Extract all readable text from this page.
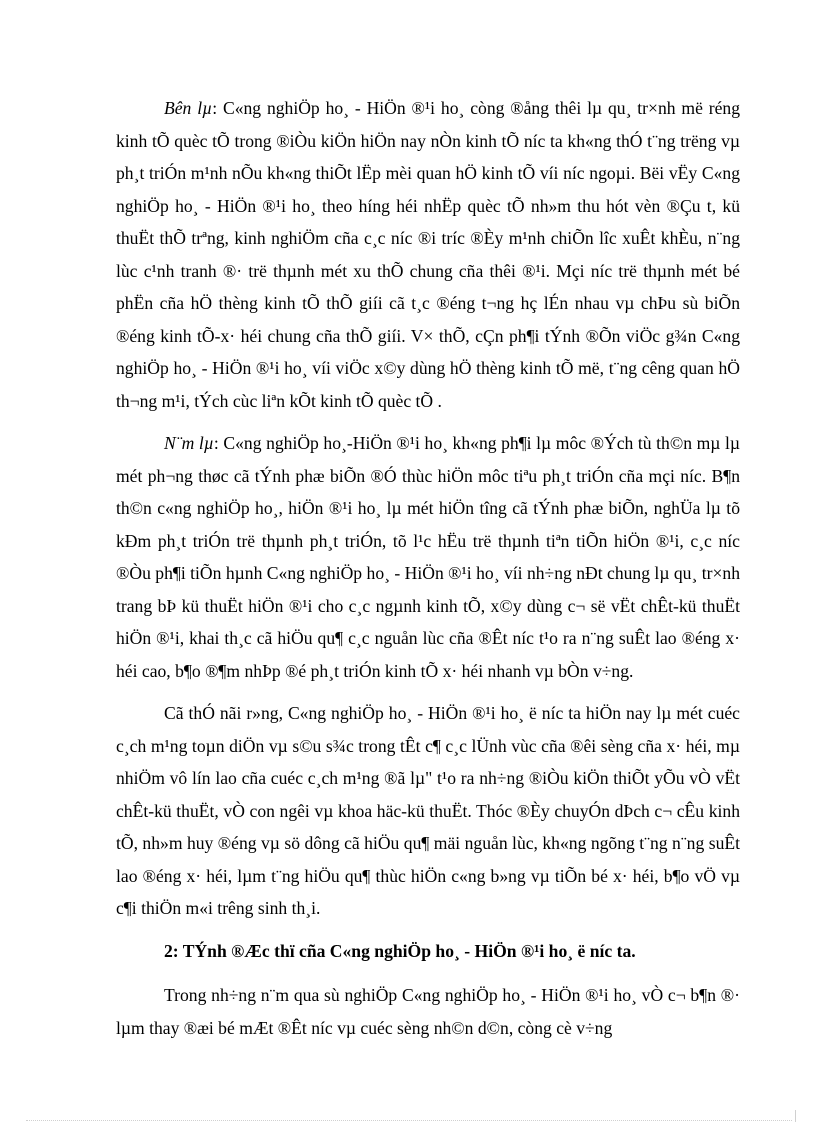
Bên lµ: C«ng nghiÖp ho¸ - HiÖn ®¹i ho¸ còng ®ång thêi lµ qu¸ tr×nh më réng kinh tÕ quèc tÕ trong ®iÒu kiÖn hiÖn nay nÒn kinh tÕ níc ta kh«ng thÓ t¨ng trëng vµ ph¸t triÓn m¹nh nÕu kh«ng thiÕt lËp mèi quan hÖ kinh tÕ víi níc ngoµi. Bëi vËy C«ng nghiÖp ho¸ - HiÖn ®¹i ho¸ theo híng héi nhËp quèc tÕ nh»m thu hót vèn ®Çu t, kü thuËt thÕ trªng, kinh nghiÖm cña c¸c níc ®i tríc ®Èy m¹nh chiÕn lîc xuÊt khÈu, n¨ng lùc c¹nh tranh ®· trë thµnh mét xu thÕ chung cña thêi ®¹i. Mçi níc trë thµnh mét bé phËn cña hÖ thèng kinh tÕ thÕ giíi cã t¸c ®éng t¬ng hç lÉn nhau vµ chÞu sù biÕn ®éng kinh tÕ-x· héi chung cña thÕ giíi. V× thÕ, cÇn ph¶i tÝnh ®Õn viÖc g¾n C«ng nghiÖp ho¸ - HiÖn ®¹i ho¸ víi viÖc x©y dùng hÖ thèng kinh tÕ më, t¨ng cêng quan hÖ th¬ng m¹i, tÝch cùc liªn kÕt kinh tÕ quèc tÕ .

N¨m lµ: C«ng nghiÖp ho¸-HiÖn ®¹i ho¸ kh«ng ph¶i lµ môc ®Ých tù th©n mµ lµ mét ph¬ng thøc cã tÝnh phæ biÕn ®Ó thùc hiÖn môc tiªu ph¸t triÓn cña mçi níc. B¶n th©n c«ng nghiÖp ho¸, hiÖn ®¹i ho¸ lµ mét hiÖn tîng cã tÝnh phæ biÕn, nghÜa lµ tõ kÐm ph¸t triÓn trë thµnh ph¸t triÓn, tõ l¹c hËu trë thµnh tiªn tiÕn hiÖn ®¹i, c¸c níc ®Òu ph¶i tiÕn hµnh C«ng nghiÖp ho¸ - HiÖn ®¹i ho¸ víi nh÷ng nÐt chung lµ qu¸ tr×nh trang bÞ kü thuËt hiÖn ®¹i cho c¸c ngµnh kinh tÕ, x©y dùng c¬ së vËt chÊt-kü thuËt hiÖn ®¹i, khai th¸c cã hiÖu qu¶ c¸c nguån lùc cña ®Êt níc t¹o ra n¨ng suÊt lao ®éng x· héi cao, b¶o ®¶m nhÞp ®é ph¸t triÓn kinh tÕ x· héi nhanh vµ bÒn v÷ng.

Cã thÓ nãi r»ng, C«ng nghiÖp ho¸ - HiÖn ®¹i ho¸ ë níc ta hiÖn nay lµ mét cuéc c¸ch m¹ng toµn diÖn vµ s©u s¾c trong tÊt c¶ c¸c lÜnh vùc cña ®êi sèng cña x· héi, mµ nhiÖm vô lín lao cña cuéc c¸ch m¹ng ®ã lµ" t¹o ra nh÷ng ®iÒu kiÖn thiÕt yÕu vÒ vËt chÊt-kü thuËt, vÒ con ngêi vµ khoa häc-kü thuËt. Thóc ®Èy chuyÓn dÞch c¬ cÊu kinh tÕ, nh»m huy ®éng vµ sö dông cã hiÖu qu¶ mäi nguån lùc, kh«ng ngõng t¨ng n¨ng suÊt lao ®éng x· héi, lµm t¨ng hiÖu qu¶ thùc hiÖn c«ng b»ng vµ tiÕn bé x· héi, b¶o vÖ vµ c¶i thiÖn m«i trêng sinh th¸i.

2: TÝnh ®Æc thï cña C«ng nghiÖp ho¸ - HiÖn ®¹i ho¸ ë níc ta.

Trong nh÷ng n¨m qua sù nghiÖp C«ng nghiÖp ho¸ - HiÖn ®¹i ho¸ vÒ c¬ b¶n ®· lµm thay ®æi bé mÆt ®Êt níc vµ cuéc sèng nh©n d©n, còng cè v÷ng
